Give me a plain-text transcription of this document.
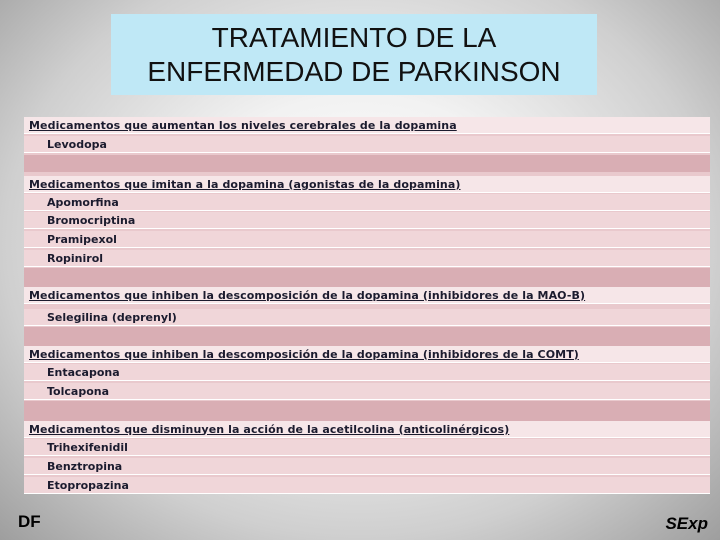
TRATAMIENTO DE LA
ENFERMEDAD DE PARKINSON
Medicamentos que aumentan los niveles cerebrales de la dopamina
Levodopa
Medicamentos que imitan a la dopamina (agonistas de la dopamina)
Apomorfina
Bromocriptina
Pramipexol
Ropinirol
Medicamentos que inhiben la descomposición de la dopamina (inhibidores de la MAO-B)
Selegilina (deprenyl)
Medicamentos que inhiben la descomposición de la dopamina (inhibidores de la COMT)
Entacapona
Tolcapona
Medicamentos que disminuyen la acción de la acetilcolina (anticolinérgicos)
Trihexifenidil
Benztropina
Etopropazina
DF	SExp
